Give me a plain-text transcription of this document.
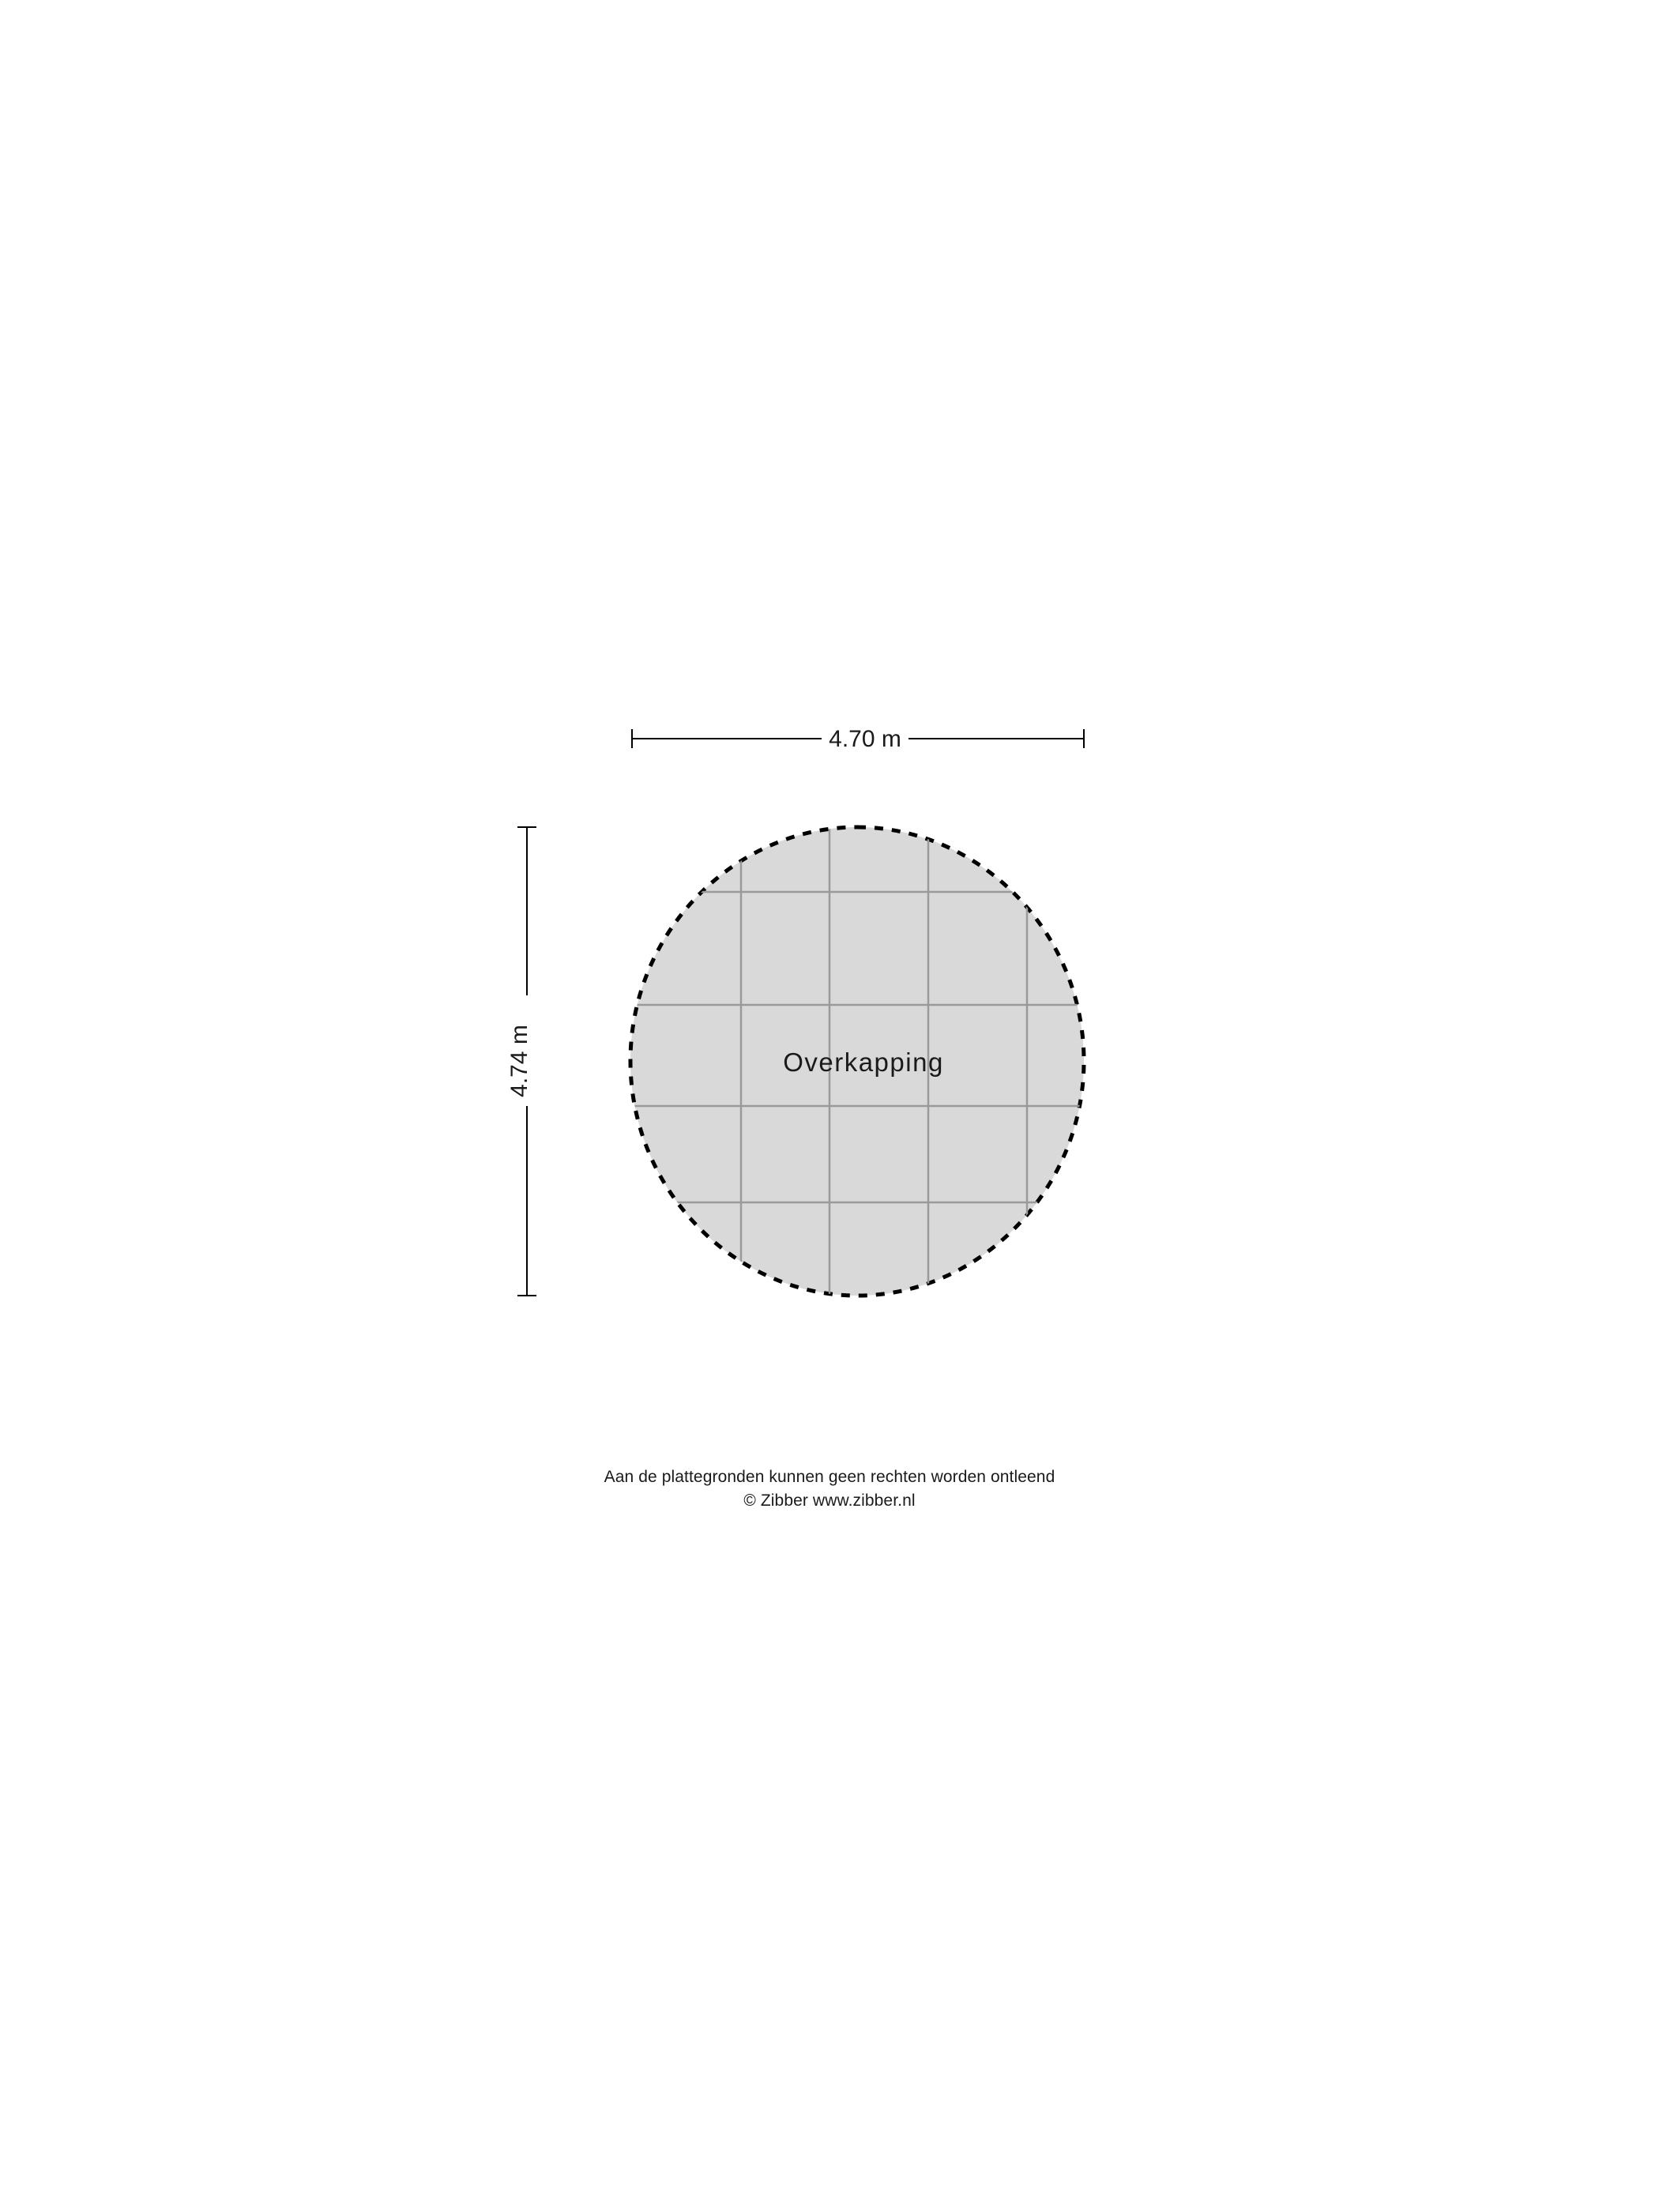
4.70 m
4.74 m	Overkapping
Aan de plattegronden kunnen geen rechten worden ontleend
© Zibber www.zibber.nl
